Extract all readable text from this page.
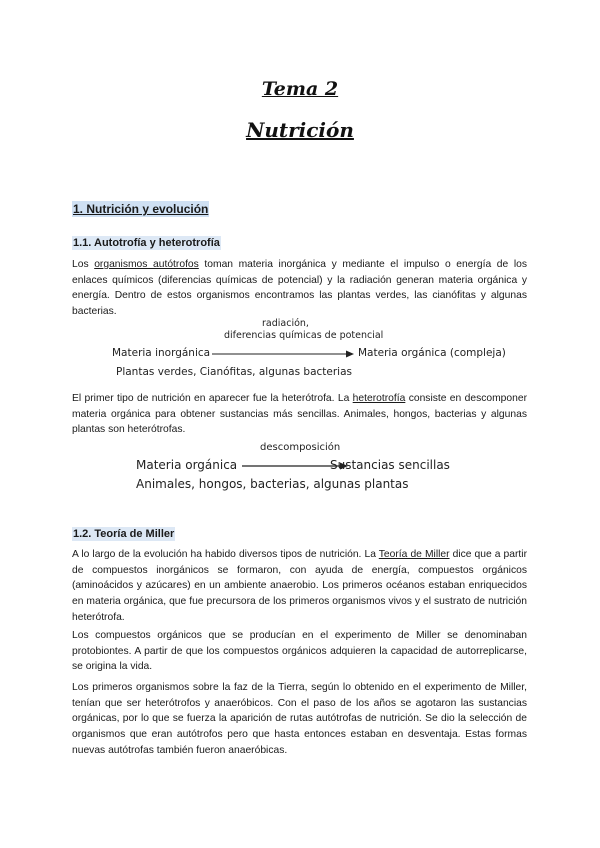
Tema 2
Nutrición
1. Nutrición y evolución
1.1. Autotrofía y heterotrofía

Los organismos autótrofos toman materia inorgánica y mediante el impulso o energía de los enlaces químicos (diferencias químicas de potencial) y la radiación generan materia orgánica y energía. Dentro de estos organismos encontramos las plantas verdes, las cianófitas y algunas bacterias.

radiación,
diferencias químicas de potencial
Materia inorgánica	Materia orgánica (compleja)
Plantas verdes, Cianófitas, algunas bacterias

El primer tipo de nutrición en aparecer fue la heterótrofa. La heterotrofía consiste en descomponer materia orgánica para obtener sustancias más sencillas. Animales, hongos, bacterias y algunas plantas son heterótrofas.

descomposición
Materia orgánica	Sustancias sencillas
Animales, hongos, bacterias, algunas plantas
1.2. Teoría de Miller

A lo largo de la evolución ha habido diversos tipos de nutrición. La Teoría de Miller dice que a partir de compuestos inorgánicos se formaron, con ayuda de energía, compuestos orgánicos (aminoácidos y azúcares) en un ambiente anaerobio. Los primeros océanos estaban enriquecidos en materia orgánica, que fue precursora de los primeros organismos vivos y el sustrato de nutrición heterótrofa.

Los compuestos orgánicos que se producían en el experimento de Miller se denominaban protobiontes. A partir de que los compuestos orgánicos adquieren la capacidad de autorreplicarse, se origina la vida.

Los primeros organismos sobre la faz de la Tierra, según lo obtenido en el experimento de Miller, tenían que ser heterótrofos y anaeróbicos. Con el paso de los años se agotaron las sustancias orgánicas, por lo que se fuerza la aparición de rutas autótrofas de nutrición. Se dio la selección de organismos que eran autótrofos pero que hasta entonces estaban en desventaja. Estas formas nuevas autótrofas también fueron anaeróbicas.
